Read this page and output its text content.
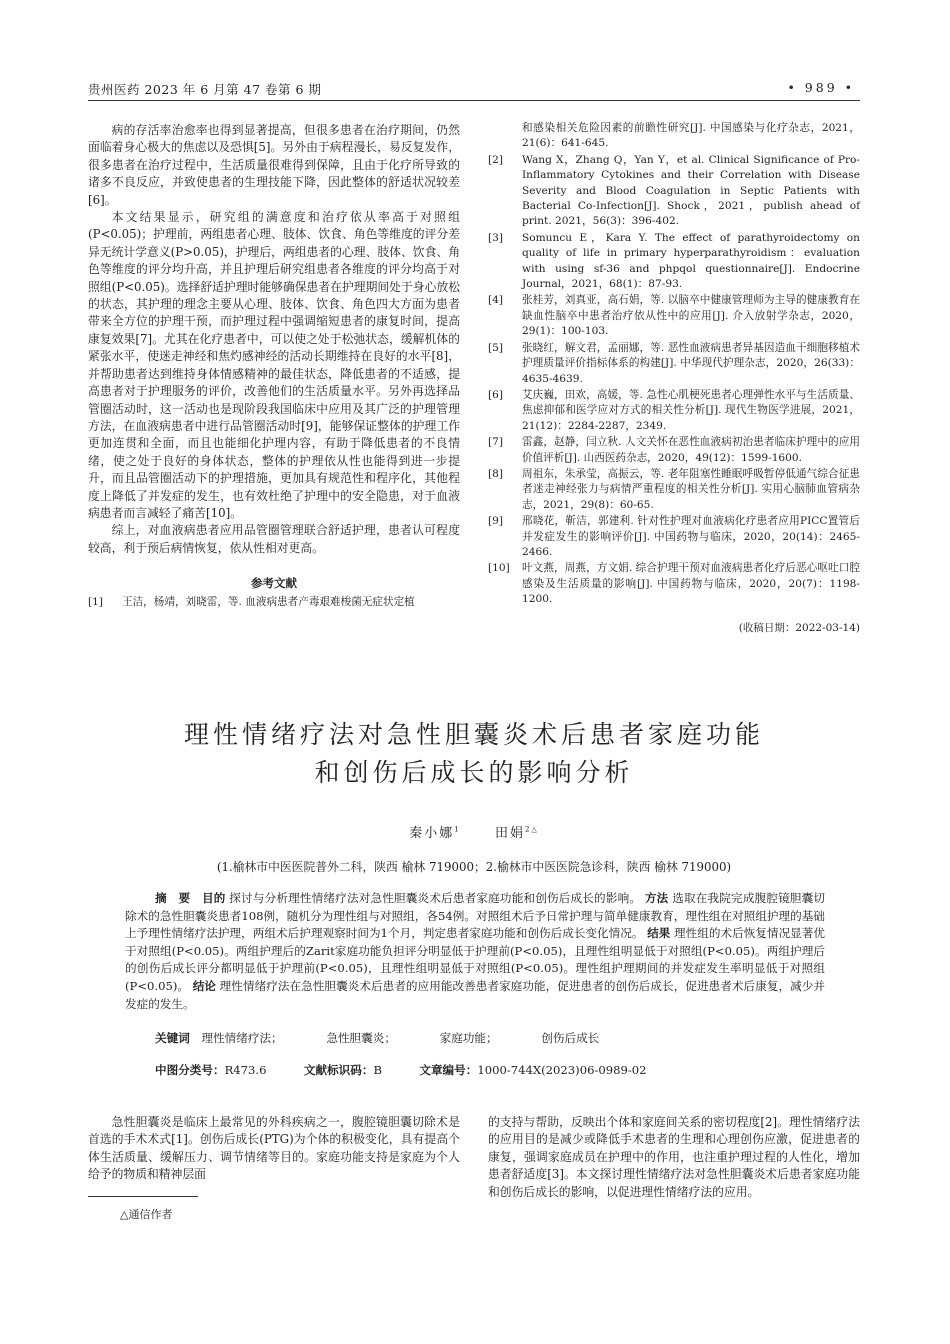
贵州医药 2023 年 6 月第 47 卷第 6 期	• 989 •

病的存活率治愈率也得到显著提高，但很多患者在治疗期间，仍然面临着身心极大的焦虑以及恐惧[5]。另外由于病程漫长，易反复发作，很多患者在治疗过程中，生活质量很难得到保障，且由于化疗所导致的诸多不良反应，并致使患者的生理技能下降，因此整体的舒适状况较差[6]。

本文结果显示，研究组的满意度和治疗依从率高于对照组(P<0.05)；护理前，两组患者心理、肢体、饮食、角色等维度的评分差异无统计学意义(P>0.05)，护理后，两组患者的心理、肢体、饮食、角色等维度的评分均升高，并且护理后研究组患者各维度的评分均高于对照组(P<0.05)。选择舒适护理时能够确保患者在护理期间处于身心放松的状态，其护理的理念主要从心理、肢体、饮食、角色四大方面为患者带来全方位的护理干预，而护理过程中强调缩短患者的康复时间，提高康复效果[7]。尤其在化疗患者中，可以使之处于松弛状态，缓解机体的紧张水平，使迷走神经和焦灼感神经的活动长期维持在良好的水平[8]，并帮助患者达到维持身体情感精神的最佳状态，降低患者的不适感，提高患者对于护理服务的评价，改善他们的生活质量水平。另外再选择品管圈活动时，这一活动也是现阶段我国临床中应用及其广泛的护理管理方法，在血液病患者中进行品管圈活动时[9]，能够保证整体的护理工作更加连贯和全面，而且也能细化护理内容，有助于降低患者的不良情绪，使之处于良好的身体状态，整体的护理依从性也能得到进一步提升，而且品管圈活动下的护理措施，更加具有规范性和程序化，其他程度上降低了并发症的发生，也有效杜绝了护理中的安全隐患，对于血液病患者而言减轻了痛苦[10]。

综上，对血液病患者应用品管圈管理联合舒适护理，患者认可程度较高，利于预后病情恢复，依从性相对更高。

参考文献
[1]	王洁，杨靖，刘晓雷，等. 血液病患者产毒艰难梭菌无症状定植
和感染相关危险因素的前瞻性研究[J]. 中国感染与化疗杂志，2021，21(6)：641-645.
[2]	Wang X，Zhang Q，Yan Y，et al. Clinical Significance of Pro-Inflammatory Cytokines and their Correlation with Disease Severity and Blood Coagulation in Septic Patients with Bacterial Co-Infection[J]. Shock，2021，publish ahead of print. 2021，56(3)：396-402.
[3]	Somuncu E，Kara Y. The effect of parathyroidectomy on quality of life in primary hyperparathyroidism：evaluation with using sf-36 and phpqol questionnaire[J]. Endocrine Journal，2021，68(1)：87-93.
[4]	张桂芳，刘真亚，高石娟，等. 以脑卒中健康管理师为主导的健康教育在缺血性脑卒中患者治疗依从性中的应用[J]. 介入放射学杂志，2020，29(1)：100-103.
[5]	张晓红，解文君，孟丽娜，等. 恶性血液病患者异基因造血干细胞移植术护理质量评价指标体系的构建[J]. 中华现代护理杂志，2020，26(33)：4635-4639.
[6]	艾庆巍，田欢，高媛，等. 急性心肌梗死患者心理弹性水平与生活质量、焦虑抑郁和医学应对方式的相关性分析[J]. 现代生物医学进展，2021，21(12)：2284-2287，2349.
[7]	雷鑫，赵静，闫立秋. 人文关怀在恶性血液病初治患者临床护理中的应用价值评析[J]. 山西医药杂志，2020，49(12)：1599-1600.
[8]	周祖东，朱承莹，高振云，等. 老年阻塞性睡眠呼吸暂停低通气综合征患者迷走神经张力与病情严重程度的相关性分析[J]. 实用心脑肺血管病杂志，2021，29(8)：60-65.
[9]	邢晓花，靳洁，郭建利. 针对性护理对血液病化疗患者应用PICC置管后并发症发生的影响评价[J]. 中国药物与临床，2020，20(14)：2465-2466.
[10]	叶文燕，周燕，方文娟. 综合护理干预对血液病患者化疗后恶心呕吐口腔感染及生活质量的影响[J]. 中国药物与临床，2020，20(7)：1198-1200.
(收稿日期：2022-03-14)
理性情绪疗法对急性胆囊炎术后患者家庭功能
和创伤后成长的影响分析
秦小娜$^1$	田娟$^{2\triangle}$
(1.榆林市中医医院普外二科，陕西 榆林 719000；2.榆林市中医医院急诊科，陕西 榆林 719000)
摘　要 目的 探讨与分析理性情绪疗法对急性胆囊炎术后患者家庭功能和创伤后成长的影响。 方法 选取在我院完成腹腔镜胆囊切除术的急性胆囊炎患者108例，随机分为理性组与对照组，各54例。对照组术后予日常护理与简单健康教育，理性组在对照组护理的基础上予理性情绪疗法护理，两组术后护理观察时间为1个月，判定患者家庭功能和创伤后成长变化情况。 结果 理性组的术后恢复情况显著优于对照组(P<0.05)。两组护理后的Zarit家庭功能负担评分明显低于护理前(P<0.05)，且理性组明显低于对照组(P<0.05)。两组护理后的创伤后成长评分都明显低于护理前(P<0.05)，且理性组明显低于对照组(P<0.05)。理性组护理期间的并发症发生率明显低于对照组(P<0.05)。 结论 理性情绪疗法在急性胆囊炎术后患者的应用能改善患者家庭功能，促进患者的创伤后成长，促进患者术后康复，减少并发症的发生。
关键词 理性情绪疗法；	急性胆囊炎；	家庭功能；	创伤后成长
中图分类号：R473.6	文献标识码：B	文章编号：1000-744X(2023)06-0989-02

急性胆囊炎是临床上最常见的外科疾病之一，腹腔镜胆囊切除术是首选的手术术式[1]。创伤后成长(PTG)为个体的积极变化，具有提高个体生活质量、缓解压力、调节情绪等目的。家庭功能支持是家庭为个人给予的物质和精神层面

的支持与帮助，反映出个体和家庭间关系的密切程度[2]。理性情绪疗法的应用目的是减少或降低手术患者的生理和心理创伤应激，促进患者的康复，强调家庭成员在护理中的作用，也注重护理过程的人性化，增加患者舒适度[3]。本文探讨理性情绪疗法对急性胆囊炎术后患者家庭功能和创伤后成长的影响，以促进理性情绪疗法的应用。

△通信作者
